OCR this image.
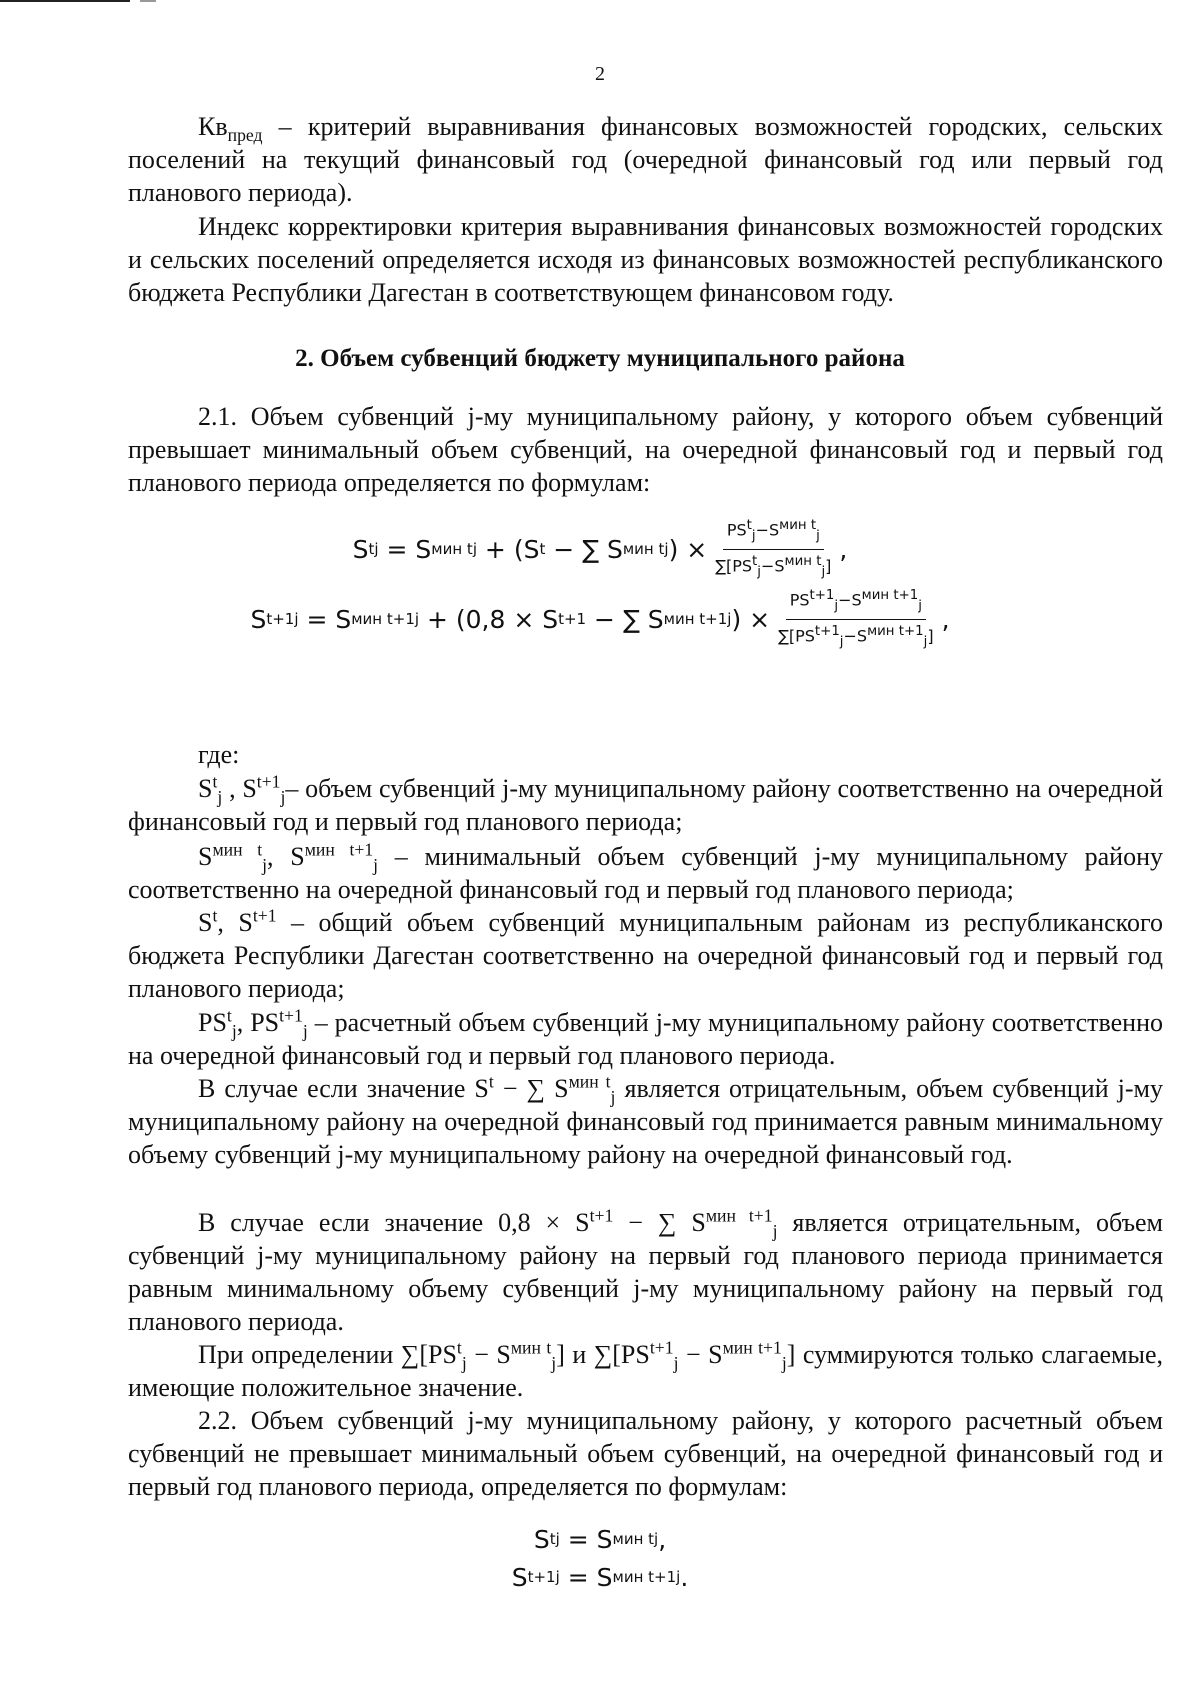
2

$Кв_{пред}$ – критерий выравнивания финансовых возможностей городских, сельских поселений на текущий финансовый год (очередной финансовый год или первый год планового периода).

Индекс корректировки критерия выравнивания финансовых возможностей городских и сельских поселений определяется исходя из финансовых возможностей республиканского бюджета Республики Дагестан в соответствующем финансовом году.

2. Объем субвенций бюджету муниципального района

2.1. Объем субвенций j-му муниципальному району, у которого объем субвенций превышает минимальный объем субвенций, на очередной финансовый год и первый год планового периода определяется по формулам:

S t j = S мин t j + (S t − ∑ S мин t j ) × $\frac{PS^t_j-S^{мин t}_j}{\sum[PS^t_j-S^{мин t}_j]}$ ,
S t+1 j = S мин t+1 j + (0,8 × S t+1 − ∑ S мин t+1 j ) × $\frac{PS^{t+1}_j-S^{мин t+1}_j}{\sum[PS^{t+1}_j-S^{мин t+1}_j]}$ ,

где:

$S^t_j$ , $S^{t+1}_j-$ объем субвенций j-му муниципальному району соответственно на очередной финансовый год и первый год планового периода;

$S^{мин t}_j$, $S^{мин t+1}_j$ – минимальный объем субвенций j-му муниципальному району соответственно на очередной финансовый год и первый год планового периода;

$S^t$, $S^{t+1}$ – общий объем субвенций муниципальным районам из республиканского бюджета Республики Дагестан соответственно на очередной финансовый год и первый год планового периода;

$PS^t_j$, $PS^{t+1}_j$ – расчетный объем субвенций j-му муниципальному району соответственно на очередной финансовый год и первый год планового периода.

В случае если значение $S^t$ − ∑ $S^{мин t}_j$ является отрицательным, объем субвенций j-му муниципальному району на очередной финансовый год принимается равным минимальному объему субвенций j-му муниципальному району на очередной финансовый год.

В случае если значение $0,8 \times S^{t+1}$ − ∑ $S^{мин t+1}_j$ является отрицательным, объем субвенций j-му муниципальному району на первый год планового периода принимается равным минимальному объему субвенций j-му муниципальному району на первый год планового периода.

При определении $\sum[PS^t_j - S^{мин t}_j]$ и $\sum[PS^{t+1}_j - S^{мин t+1}_j]$ суммируются только слагаемые, имеющие положительное значение.

2.2. Объем субвенций j-му муниципальному району, у которого расчетный объем субвенций не превышает минимальный объем субвенций, на очередной финансовый год и первый год планового периода, определяется по формулам:

S t j = S мин t j ,
S t+1 j = S мин t+1 j .
